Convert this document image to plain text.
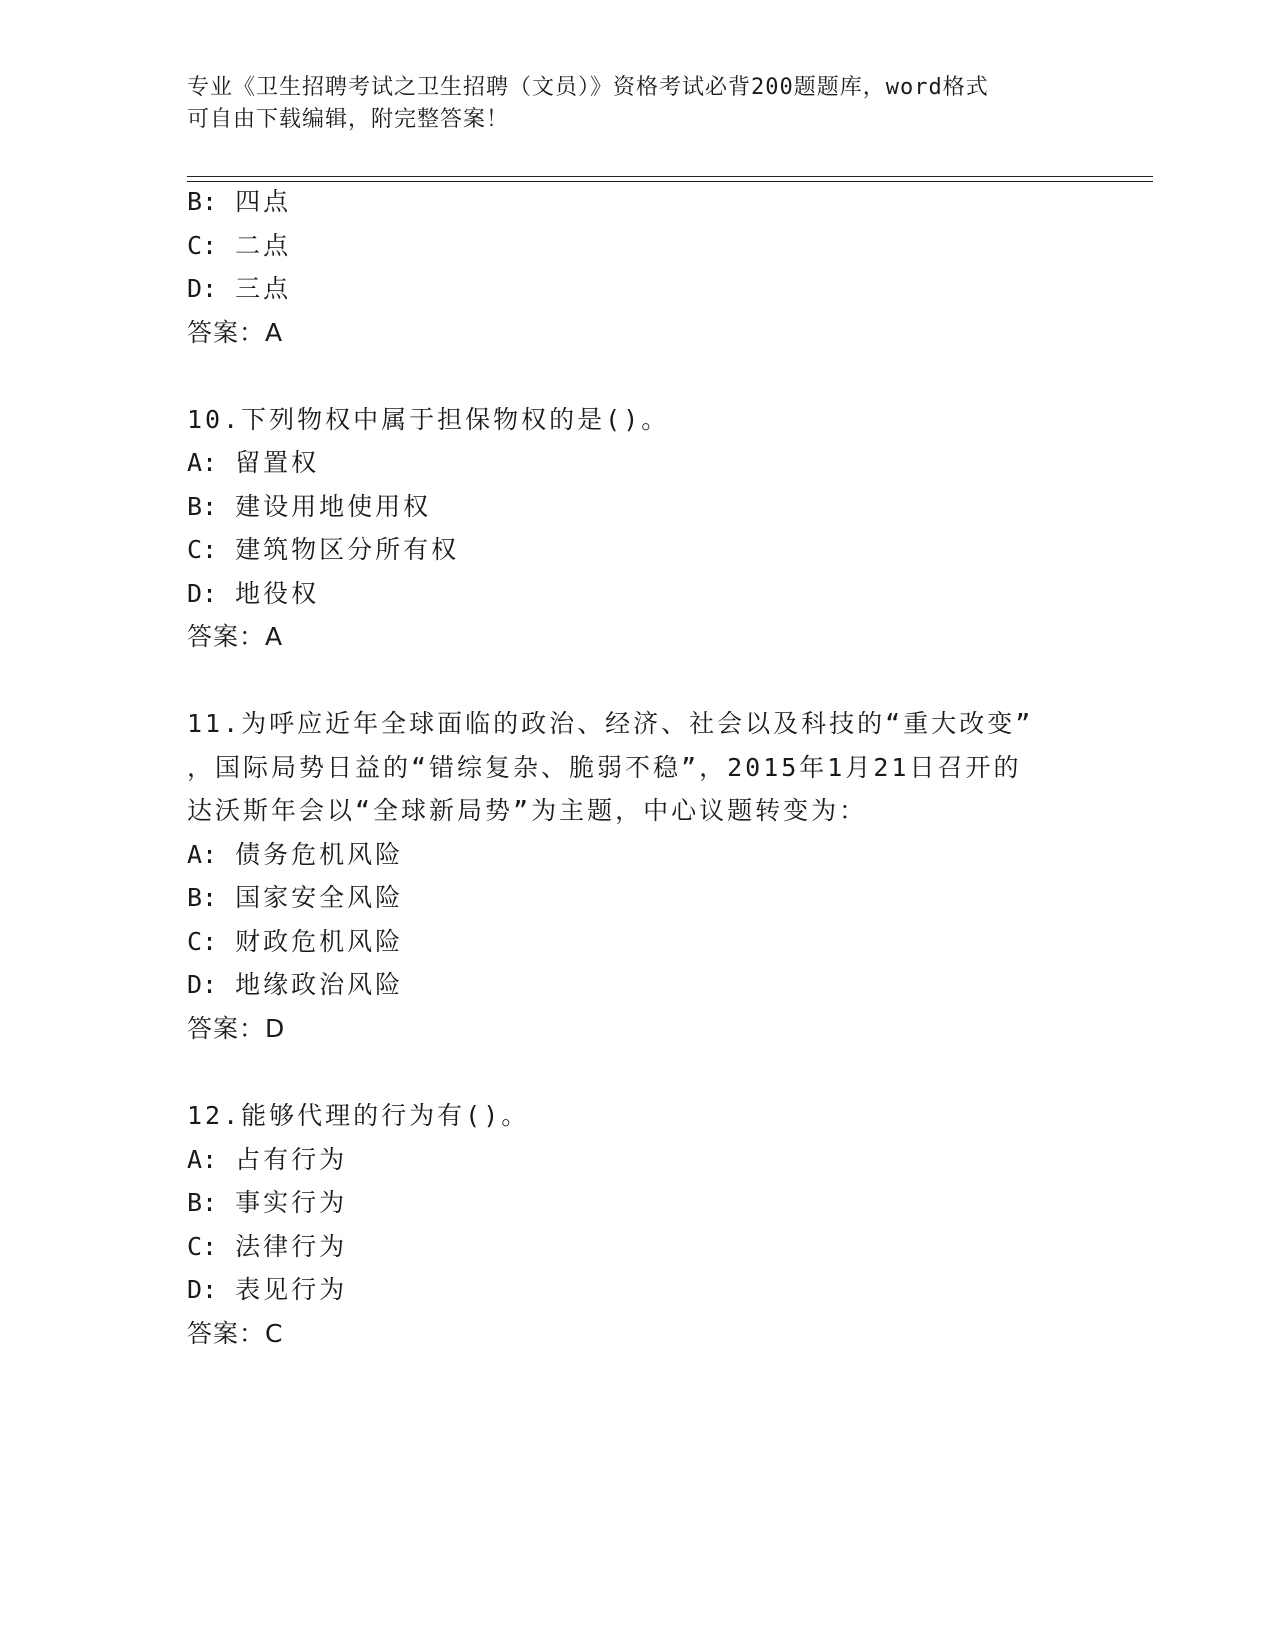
专业《卫生招聘考试之卫生招聘（文员）》资格考试必背200题题库，word格式
可自由下载编辑，附完整答案！
B: 四点
C: 二点
D: 三点
答案：A
10.下列物权中属于担保物权的是()。
A: 留置权
B: 建设用地使用权
C: 建筑物区分所有权
D: 地役权
答案：A
11.为呼应近年全球面临的政治、经济、社会以及科技的“重大改变”
，国际局势日益的“错综复杂、脆弱不稳”，2015年1月21日召开的
达沃斯年会以“全球新局势”为主题，中心议题转变为：
A: 债务危机风险
B: 国家安全风险
C: 财政危机风险
D: 地缘政治风险
答案：D
12.能够代理的行为有()。
A: 占有行为
B: 事实行为
C: 法律行为
D: 表见行为
答案：C
